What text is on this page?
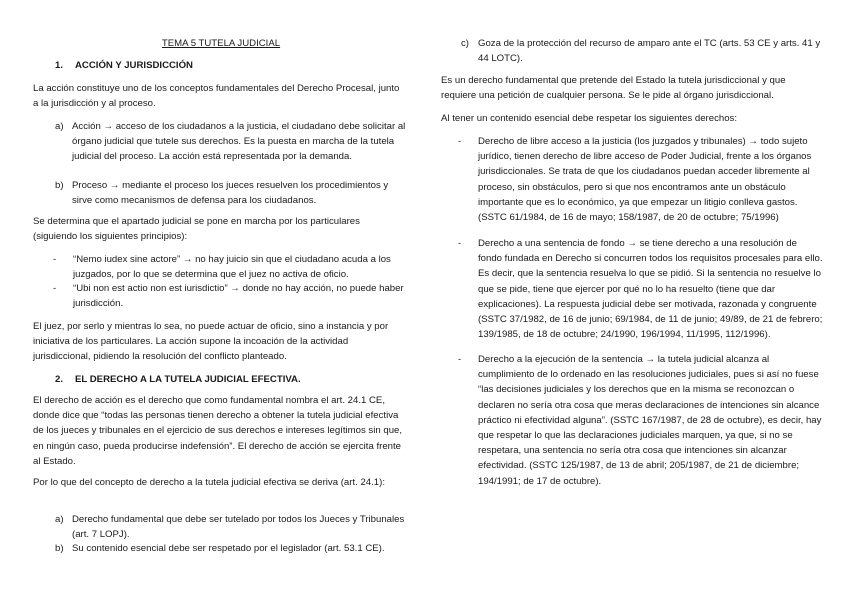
TEMA 5 TUTELA JUDICIAL

1. ACCIÓN Y JURISDICCIÓN

La acción constituye uno de los conceptos fundamentales del Derecho Procesal, junto a la jurisdicción y al proceso.

a) Acción → acceso de los ciudadanos a la justicia, el ciudadano debe solicitar al órgano judicial que tutele sus derechos. Es la puesta en marcha de la tutela judicial del proceso. La acción está representada por la demanda.

b) Proceso → mediante el proceso los jueces resuelven los procedimientos y sirve como mecanismos de defensa para los ciudadanos.

Se determina que el apartado judicial se pone en marcha por los particulares (siguiendo los siguientes principios):

- “Nemo iudex sine actore” → no hay juicio sin que el ciudadano acuda a los juzgados, por lo que se determina que el juez no activa de oficio.

- “Ubi non est actio non est iurisdictio” → donde no hay acción, no puede haber jurisdicción.

El juez, por serlo y mientras lo sea, no puede actuar de oficio, sino a instancia y por iniciativa de los particulares. La acción supone la incoación de la actividad jurisdiccional, pidiendo la resolución del conflicto planteado.

2. EL DERECHO A LA TUTELA JUDICIAL EFECTIVA.

El derecho de acción es el derecho que como fundamental nombra el art. 24.1 CE, donde dice que “todas las personas tienen derecho a obtener la tutela judicial efectiva de los jueces y tribunales en el ejercicio de sus derechos e intereses legítimos sin que, en ningún caso, pueda producirse indefensión”. El derecho de acción se ejercita frente al Estado.

Por lo que del concepto de derecho a la tutela judicial efectiva se deriva (art. 24.1):

a) Derecho fundamental que debe ser tutelado por todos los Jueces y Tribunales (art. 7 LOPJ).

b) Su contenido esencial debe ser respetado por el legislador (art. 53.1 CE).

c) Goza de la protección del recurso de amparo ante el TC (arts. 53 CE y arts. 41 y 44 LOTC).

Es un derecho fundamental que pretende del Estado la tutela jurisdiccional y que requiere una petición de cualquier persona. Se le pide al órgano jurisdiccional.

Al tener un contenido esencial debe respetar los siguientes derechos:

- Derecho de libre acceso a la justicia (los juzgados y tribunales) → todo sujeto jurídico, tienen derecho de libre acceso de Poder Judicial, frente a los órganos jurisdiccionales. Se trata de que los ciudadanos puedan acceder libremente al proceso, sin obstáculos, pero si que nos encontramos ante un obstáculo importante que es lo económico, ya que empezar un litigio conlleva gastos. (SSTC 61/1984, de 16 de mayo; 158/1987, de 20 de octubre; 75/1996)

- Derecho a una sentencia de fondo → se tiene derecho a una resolución de fondo fundada en Derecho si concurren todos los requisitos procesales para ello. Es decir, que la sentencia resuelva lo que se pidió. Si la sentencia no resuelve lo que se pide, tiene que ejercer por qué no lo ha resuelto (tiene que dar explicaciones). La respuesta judicial debe ser motivada, razonada y congruente (SSTC 37/1982, de 16 de junio; 69/1984, de 11 de junio; 49/89, de 21 de febrero; 139/1985, de 18 de octubre; 24/1990, 196/1994, 11/1995, 112/1996).

- Derecho a la ejecución de la sentencia → la tutela judicial alcanza al cumplimiento de lo ordenado en las resoluciones judiciales, pues si así no fuese “las decisiones judiciales y los derechos que en la misma se reconozcan o declaren no sería otra cosa que meras declaraciones de intenciones sin alcance práctico ni efectividad alguna”. (SSTC 167/1987, de 28 de octubre), es decir, hay que respetar lo que las declaraciones judiciales marquen, ya que, si no se respetara, una sentencia no sería otra cosa que intenciones sin alcanzar efectividad. (SSTC 125/1987, de 13 de abril; 205/1987, de 21 de diciembre; 194/1991; de 17 de octubre).
